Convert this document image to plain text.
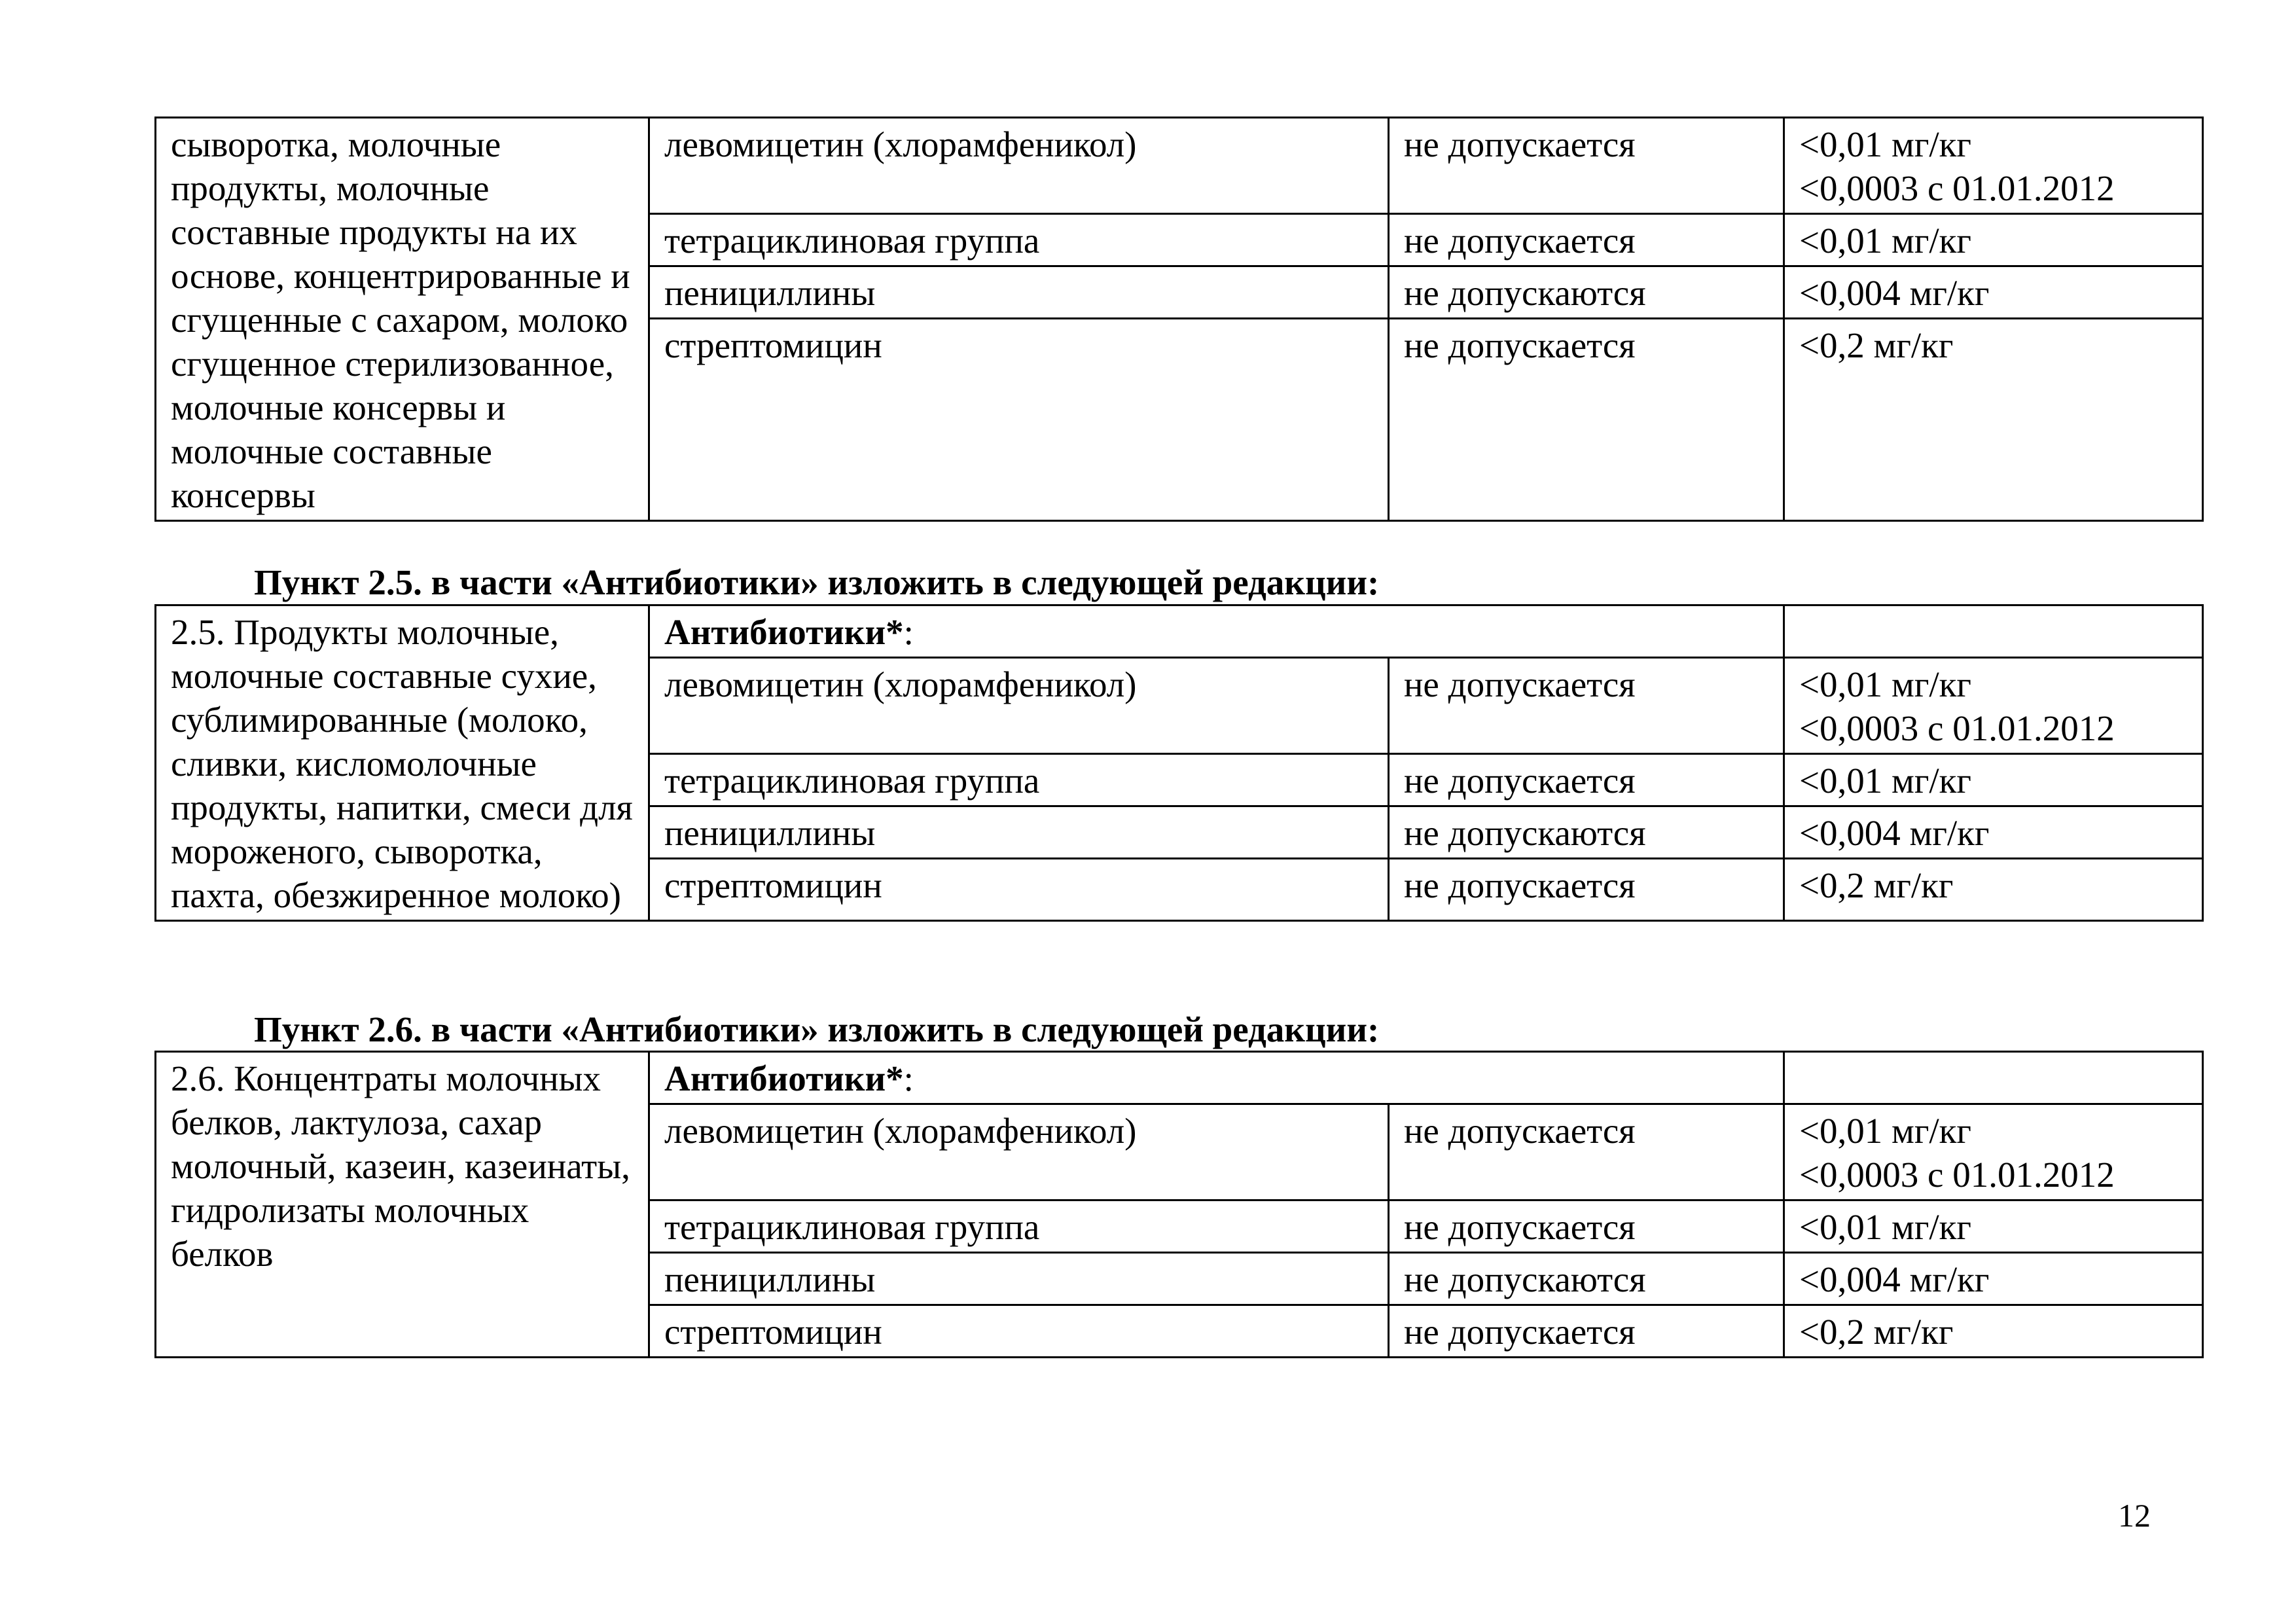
сыворотка, молочные продукты, молочные составные продукты на их основе, концентрированные и сгущенные с сахаром, молоко сгущенное стерилизованное, молочные консервы и молочные составные консервы	левомицетин (хлорамфеникол)	не допускается	<0,01 мг/кг
<0,0003 с 01.01.2012
	тетрациклиновая группа	не допускается	<0,01 мг/кг
	пенициллины	не допускаются	<0,004 мг/кг
	стрептомицин	не допускается	<0,2 мг/кг
Пункт 2.5. в части «Антибиотики» изложить в следующей редакции:
2.5. Продукты молочные, молочные составные сухие, сублимированные (молоко, сливки, кисломолочные продукты, напитки, смеси для мороженого, сыворотка, пахта, обезжиренное молоко)	Антибиотики*:		
	левомицетин (хлорамфеникол)	не допускается	<0,01 мг/кг
<0,0003 с 01.01.2012
	тетрациклиновая группа	не допускается	<0,01 мг/кг
	пенициллины	не допускаются	<0,004 мг/кг
	стрептомицин	не допускается	<0,2 мг/кг
Пункт 2.6. в части «Антибиотики» изложить в следующей редакции:
2.6. Концентраты молочных белков, лактулоза, сахар молочный, казеин, казеинаты, гидролизаты молочных белков	Антибиотики*:		
	левомицетин (хлорамфеникол)	не допускается	<0,01 мг/кг
<0,0003 с 01.01.2012
	тетрациклиновая группа	не допускается	<0,01 мг/кг
	пенициллины	не допускаются	<0,004 мг/кг
	стрептомицин	не допускается	<0,2 мг/кг
12
